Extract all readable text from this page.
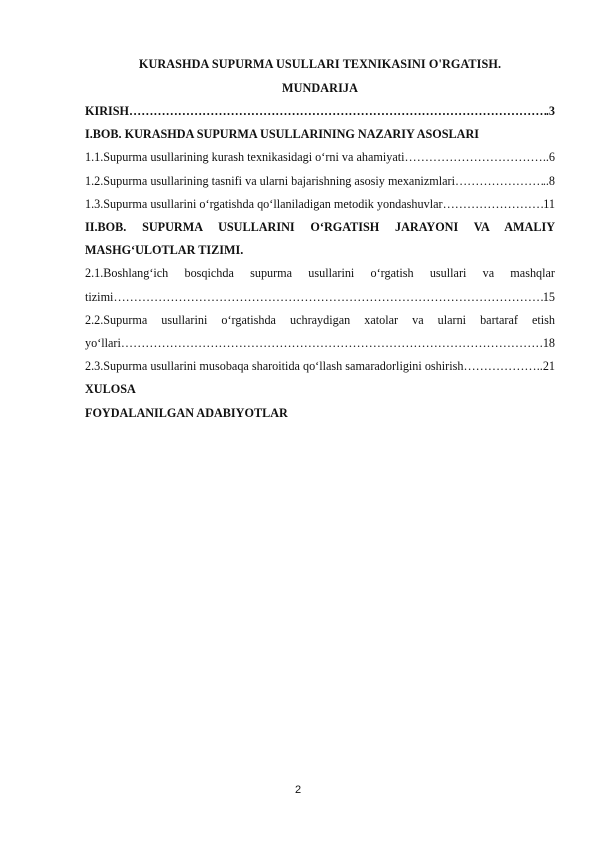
KURASHDA SUPURMA USULLARI TEXNIKASINI O'RGATISH.
MUNDARIJA
KIRISH ……………………………………………………………………………………………………………………	.3
I.BOB. KURASHDA SUPURMA USULLARINING NAZARIY ASOSLARI
1.1.Supurma usullarining kurash texnikasidagi o‘rni va ahamiyati ……………………………………………………………………………………………………………………	..6
1.2.Supurma usullarining tasnifi va ularni bajarishning asosiy mexanizmlari ……………………………………………………………………………………………………………………	..8
1.3.Supurma usullarini o‘rgatishda qo‘llaniladigan metodik yondashuvlar ……………………………………………………………………………………………………………………	11
II.BOB. SUPURMA USULLARINI O‘RGATISH JARAYONI VA AMALIY
MASHG‘ULOTLAR TIZIMI.
2.1.Boshlang‘ich bosqichda supurma usullarini o‘rgatish usullari va mashqlar
tizimi ……………………………………………………………………………………………………………………	15
2.2.Supurma usullarini o‘rgatishda uchraydigan xatolar va ularni bartaraf etish
yo‘llari ……………………………………………………………………………………………………………………	.18
2.3.Supurma usullarini musobaqa sharoitida qo‘llash samaradorligini oshirish ……………………………………………………………………………………………………………………	..21
XULOSA
FOYDALANILGAN ADABIYOTLAR
2
